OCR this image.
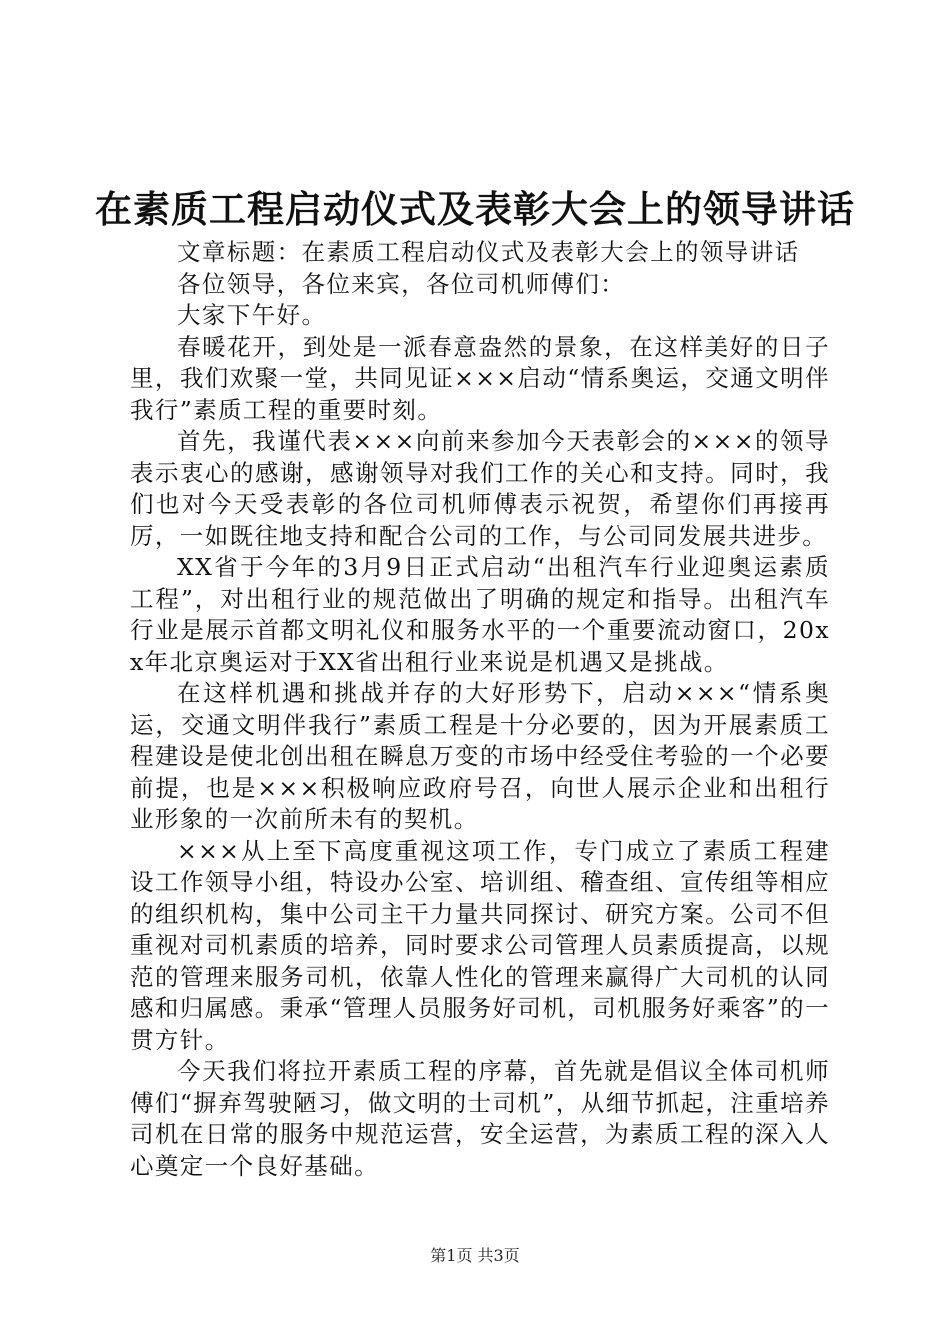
在素质工程启动仪式及表彰大会上的领导讲话

文章标题：在素质工程启动仪式及表彰大会上的领导讲话

各位领导，各位来宾，各位司机师傅们：

大家下午好。

春暖花开，到处是一派春意盎然的景象，在这样美好的日子里，我们欢聚一堂，共同见证×××启动“情系奥运，交通文明伴我行”素质工程的重要时刻。

首先，我谨代表×××向前来参加今天表彰会的×××的领导表示衷心的感谢，感谢领导对我们工作的关心和支持。同时，我们也对今天受表彰的各位司机师傅表示祝贺，希望你们再接再厉，一如既往地支持和配合公司的工作，与公司同发展共进步。

XX省于今年的3月9日正式启动“出租汽车行业迎奥运素质工程”，对出租行业的规范做出了明确的规定和指导。出租汽车行业是展示首都文明礼仪和服务水平的一个重要流动窗口，20xx年北京奥运对于XX省出租行业来说是机遇又是挑战。

在这样机遇和挑战并存的大好形势下，启动×××“情系奥运，交通文明伴我行”素质工程是十分必要的，因为开展素质工程建设是使北创出租在瞬息万变的市场中经受住考验的一个必要前提，也是×××积极响应政府号召，向世人展示企业和出租行业形象的一次前所未有的契机。

×××从上至下高度重视这项工作，专门成立了素质工程建设工作领导小组，特设办公室、培训组、稽查组、宣传组等相应的组织机构，集中公司主干力量共同探讨、研究方案。公司不但重视对司机素质的培养，同时要求公司管理人员素质提高，以规范的管理来服务司机，依靠人性化的管理来赢得广大司机的认同感和归属感。秉承“管理人员服务好司机，司机服务好乘客”的一贯方针。

今天我们将拉开素质工程的序幕，首先就是倡议全体司机师傅们“摒弃驾驶陋习，做文明的士司机”，从细节抓起，注重培养司机在日常的服务中规范运营，安全运营，为素质工程的深入人心奠定一个良好基础。

第1页 共3页
